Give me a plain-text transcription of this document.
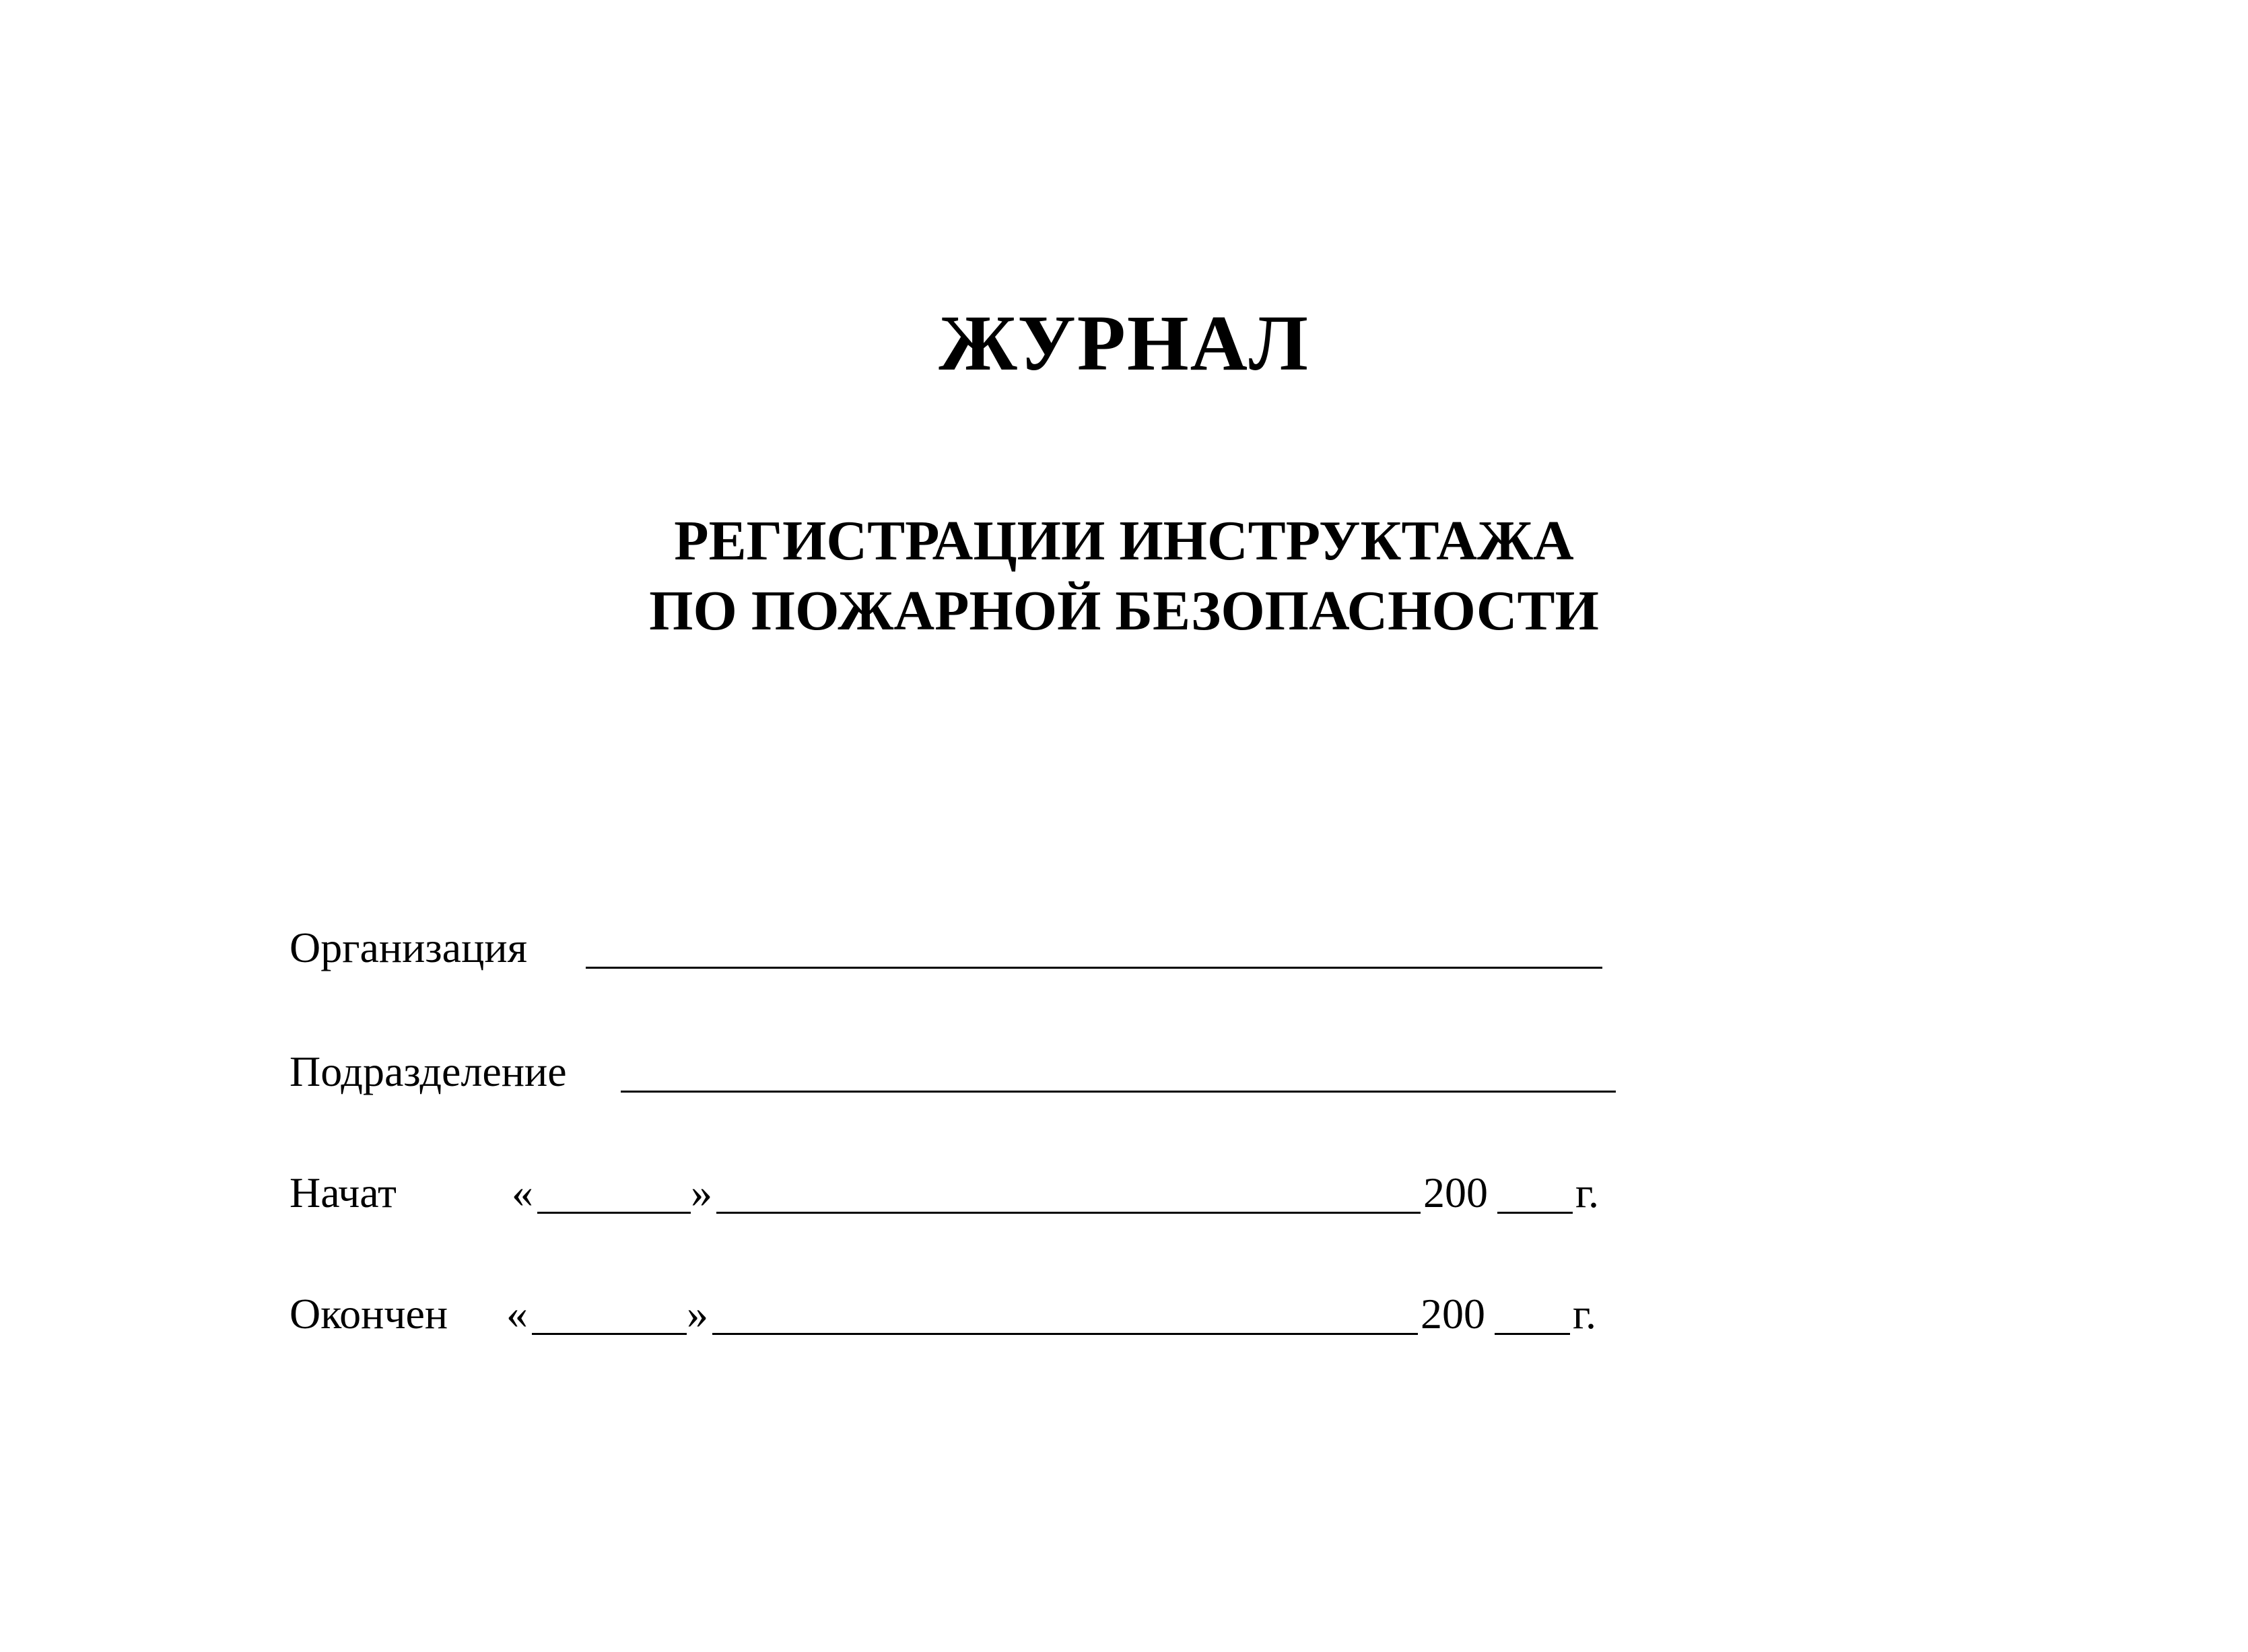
ЖУРНАЛ
РЕГИСТРАЦИИ ИНСТРУКТАЖА
ПО ПОЖАРНОЙ БЕЗОПАСНОСТИ
Организация
Подразделение
Начат	«	»	200 г.
Окончен «	»	200 г.
